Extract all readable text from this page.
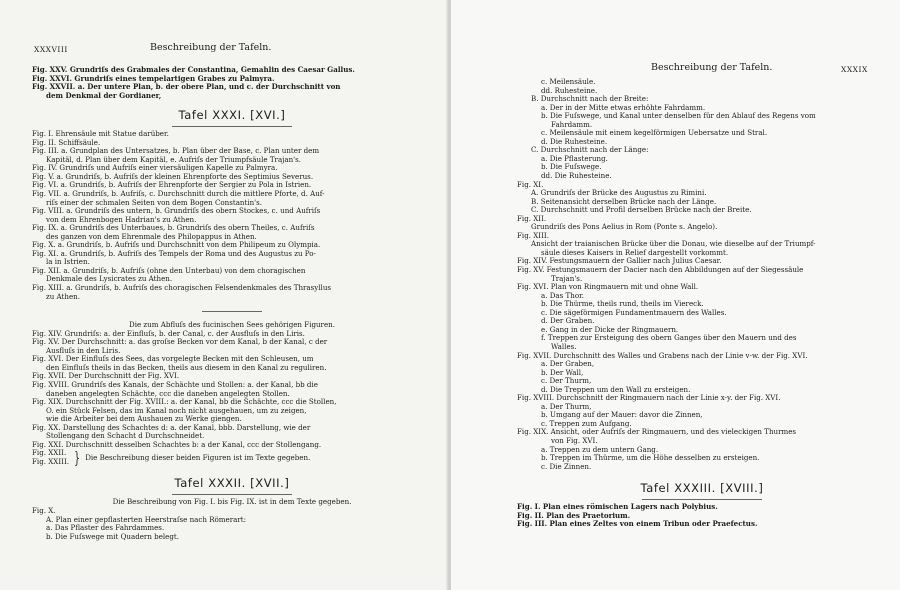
XXXVIII	Beschreibung der Tafeln.
Fig. XXV. Grundriſs des Grabmales der Constantina, Gemahlin des Caesar Gallus.
Fig. XXVI. Grundriſs eines tempelartigen Grabes zu Palmyra.
Fig. XXVII. a. Der untere Plan, b. der obere Plan, und c. der Durchschnitt von
dem Denkmal der Gordianer,
Tafel XXXI. [XVI.]
Fig. I. Ehrensäule mit Statue darüber.
Fig. II. Schiffsäule.
Fig. III. a. Grundplan des Untersatzes, b. Plan über der Base, c. Plan unter dem
Kapitäl, d. Plan über dem Kapitäl, e. Aufriſs der Triumpfsäule Trajan's.
Fig. IV. Grundriſs und Aufriſs einer viersäuligen Kapelle zu Palmyra.
Fig. V. a. Grundriſs, b. Aufriſs der kleinen Ehrenpforte des Septimius Severus.
Fig. VI. a. Grundriſs, b. Aufriſs der Ehrenpforte der Sergier zu Pola in Istrien.
Fig. VII. a. Grundriſs, b. Aufriſs, c. Durchschnitt durch die mittlere Pforte, d. Auf-
riſs einer der schmalen Seiten von dem Bogen Constantin's.
Fig. VIII. a. Grundriſs des untern, b. Grundriſs des obern Stockes, c. und Aufriſs
von dem Ehrenbogen Hadrian's zu Athen.
Fig. IX. a. Grundriſs des Unterbaues, b. Grundriſs des obern Theiles, c. Aufriſs
des ganzen von dem Ehrenmale des Philopappus in Athen.
Fig. X. a. Grundriſs, b. Aufriſs und Durchschnitt von dem Philipeum zu Olympia.
Fig. XI. a. Grundriſs, b. Aufriſs des Tempels der Roma und des Augustus zu Po-
la in Istrien.
Fig. XII. a. Grundriſs, b. Aufriſs (ohne den Unterbau) von dem choragischen
Denkmale des Lysicrates zu Athen.
Fig. XIII. a. Grundriſs, b. Aufriſs des choragischen Felsendenkmales des Thrasyllus
zu Athen.
Die zum Abfluſs des fucinischen Sees gehörigen Figuren.
Fig. XIV. Grundriſs: a. der Einfluſs, b. der Canal, c. der Ausfluſs in den Liris.
Fig. XV. Der Durchschnitt: a. das groſse Becken vor dem Kanal, b der Kanal, c der
Ausfluſs in den Liris.
Fig. XVI. Der Einfluſs des Sees, das vorgelegte Becken mit den Schleusen, um
den Einfluſs theils in das Becken, theils aus diesem in den Kanal zu reguliren.
Fig. XVII. Der Durchschnitt der Fig. XVI.
Fig. XVIII. Grundriſs des Kanals, der Schächte und Stollen: a. der Kanal, bb die
daneben angelegten Schächte, ccc die daneben angelegten Stollen.
Fig. XIX. Durchschnitt der Fig. XVIII.: a. der Kanal, bb die Schächte, ccc die Stollen,
O. ein Stück Felsen, das im Kanal noch nicht ausgehauen, um zu zeigen,
wie die Arbeiter bei dem Aushauen zu Werke giengen.
Fig. XX. Darstellung des Schachtes d: a. der Kanal, bbb. Darstellung, wie der
Stollengang den Schacht d Durchschneidet.
Fig. XXI. Durchschnitt desselben Schachtes b: a der Kanal, ccc der Stollengang.
Fig. XXII.
Fig. XXIII. } Die Beschreibung dieser beiden Figuren ist im Texte gegeben.
Tafel XXXII. [XVII.]
Die Beschreibung von Fig. I. bis Fig. IX. ist in dem Texte gegeben.
Fig. X.
A. Plan einer gepflasterten Heerstraſse nach Römerart:
a. Das Pflaster des Fahrdammes.
b. Die Fuſswege mit Quadern belegt.
Beschreibung der Tafeln.	XXXIX
c. Meilensäule.
dd. Ruhesteine.
B. Durchschnitt nach der Breite:
a. Der in der Mitte etwas erhöhte Fahrdamm.
b. Die Fuſswege, und Kanal unter denselben für den Ablauf des Regens vom
Fahrdamm.
c. Meilensäule mit einem kegelförmigen Uebersatze und Stral.
d. Die Ruhesteine.
C. Durchschnitt nach der Länge:
a. Die Pflasterung.
b. Die Fuſswege.
dd. Die Ruhesteine.
Fig. XI.
A. Grundriſs der Brücke des Augustus zu Rimini.
B. Seitenansicht derselben Brücke nach der Länge.
C. Durchschnitt und Profil derselben Brücke nach der Breite.
Fig. XII.
Grundriſs des Pons Aelius in Rom (Ponte s. Angelo).
Fig. XIII.
Ansicht der traianischen Brücke über die Donau, wie dieselbe auf der Triumpf-
säule dieses Kaisers in Relief dargestellt vorkommt.
Fig. XIV. Festungsmauern der Gallier nach Julius Caesar.
Fig. XV. Festungsmauern der Dacier nach den Abbildungen auf der Siegessäule
Trajan's.
Fig. XVI. Plan von Ringmauern mit und ohne Wall.
a. Das Thor.
b. Die Thürme, theils rund, theils im Viereck.
c. Die sägeförmigen Fundamentmauern des Walles.
d. Der Graben.
e. Gang in der Dicke der Ringmauern.
f. Treppen zur Ersteigung des obern Ganges über den Mauern und des
Walles.
Fig. XVII. Durchschnitt des Walles und Grabens nach der Linie v-w. der Fig. XVI.
a. Der Graben,
b. Der Wall,
c. Der Thurm,
d. Die Treppen um den Wall zu ersteigen.
Fig. XVIII. Durchschnitt der Ringmauern nach der Linie x-y. der Fig. XVI.
a. Der Thurm,
b. Umgang auf der Mauer: davor die Zinnen,
c. Treppen zum Aufgang.
Fig. XIX. Ansicht, oder Aufriſs der Ringmauern, und des vieleckigen Thurmes
von Fig. XVI.
a. Treppen zu dem untern Gang.
b. Treppen im Thürme, um die Höhe desselben zu ersteigen.
c. Die Zinnen.
Tafel XXXIII. [XVIII.]
Fig. I. Plan eines römischen Lagers nach Polybius.
Fig. II. Plan des Praetorium.
Fig. III. Plan eines Zeltes von einem Tribun oder Praefectus.
